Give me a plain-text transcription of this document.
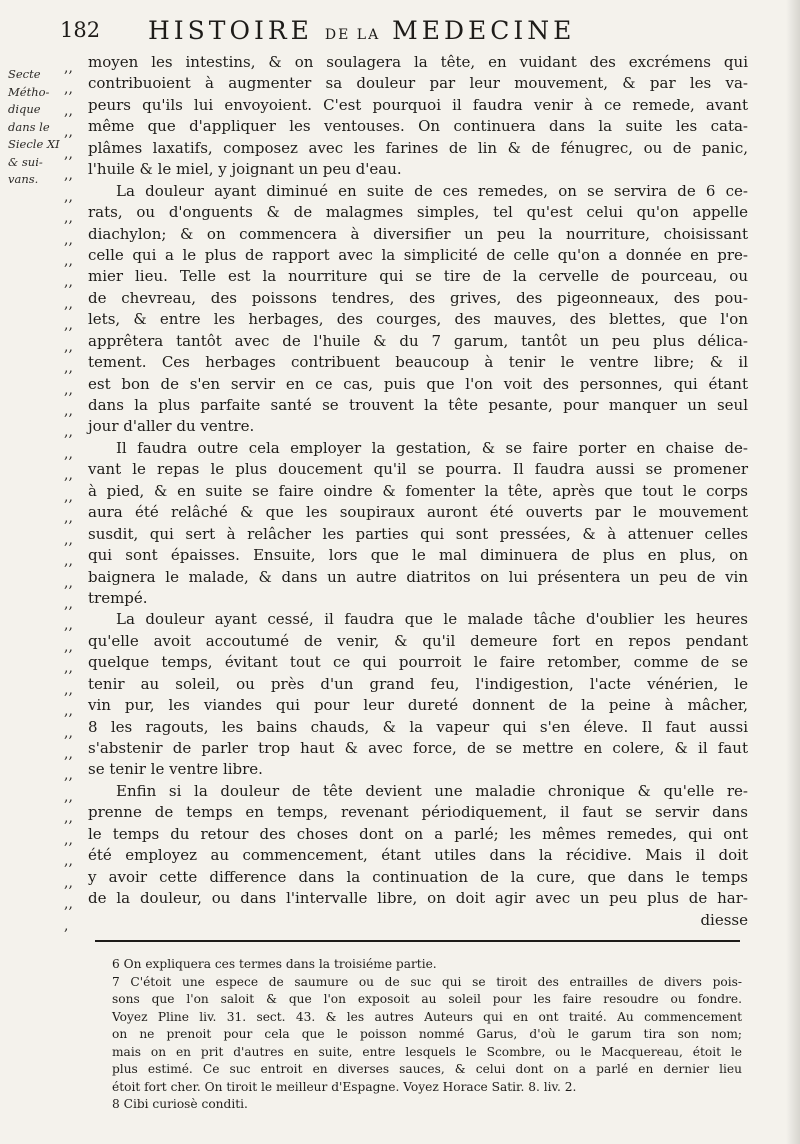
182 HISTOIRE DE LA MEDECINE
Secte
Métho-
dique
dans le
Siecle XI
& sui-
vans.
,,
,,
,,
,,
,,
,,
,,
,,
,,
,,
,,
,,
,,
,,
,,
,,
,,
,,
,,
,,
,,
,,
,,
,,
,,
,,
,,
,,
,,
,,
,,
,,
,,
,,
,,
,,
,,
,,
,,
,,
,
moyen les intestins, & on soulagera la tête, en vuidant des excrémens qui
contribuoient à augmenter sa douleur par leur mouvement, & par les va-
peurs qu'ils lui envoyoient. C'est pourquoi il faudra venir à ce remede, avant
même que d'appliquer les ventouses. On continuera dans la suite les cata-
plâmes laxatifs, composez avec les farines de lin & de fénugrec, ou de panic,
l'huile & le miel, y joignant un peu d'eau.
La douleur ayant diminué en suite de ces remedes, on se servira de 6 ce-
rats, ou d'onguents & de malagmes simples, tel qu'est celui qu'on appelle
diachylon; & on commencera à diversifier un peu la nourriture, choisissant
celle qui a le plus de rapport avec la simplicité de celle qu'on a donnée en pre-
mier lieu. Telle est la nourriture qui se tire de la cervelle de pourceau, ou
de chevreau, des poissons tendres, des grives, des pigeonneaux, des pou-
lets, & entre les herbages, des courges, des mauves, des blettes, que l'on
apprêtera tantôt avec de l'huile & du 7 garum, tantôt un peu plus délica-
tement. Ces herbages contribuent beaucoup à tenir le ventre libre; & il
est bon de s'en servir en ce cas, puis que l'on voit des personnes, qui étant
dans la plus parfaite santé se trouvent la tête pesante, pour manquer un seul
jour d'aller du ventre.
Il faudra outre cela employer la gestation, & se faire porter en chaise de-
vant le repas le plus doucement qu'il se pourra. Il faudra aussi se promener
à pied, & en suite se faire oindre & fomenter la tête, après que tout le corps
aura été relâché & que les soupiraux auront été ouverts par le mouvement
susdit, qui sert à relâcher les parties qui sont pressées, & à attenuer celles
qui sont épaisses. Ensuite, lors que le mal diminuera de plus en plus, on
baignera le malade, & dans un autre diatritos on lui présentera un peu de vin
trempé.
La douleur ayant cessé, il faudra que le malade tâche d'oublier les heures
qu'elle avoit accoutumé de venir, & qu'il demeure fort en repos pendant
quelque temps, évitant tout ce qui pourroit le faire retomber, comme de se
tenir au soleil, ou près d'un grand feu, l'indigestion, l'acte vénérien, le
vin pur, les viandes qui pour leur dureté donnent de la peine à mâcher,
8 les ragouts, les bains chauds, & la vapeur qui s'en éleve. Il faut aussi
s'abstenir de parler trop haut & avec force, de se mettre en colere, & il faut
se tenir le ventre libre.
Enfin si la douleur de tête devient une maladie chronique & qu'elle re-
prenne de temps en temps, revenant périodiquement, il faut se servir dans
le temps du retour des choses dont on a parlé; les mêmes remedes, qui ont
été employez au commencement, étant utiles dans la récidive. Mais il doit
y avoir cette difference dans la continuation de la cure, que dans le temps
de la douleur, ou dans l'intervalle libre, on doit agir avec un peu plus de har-
diesse
6 On expliquera ces termes dans la troisiéme partie.
7 C'étoit une espece de saumure ou de suc qui se tiroit des entrailles de divers pois-
sons que l'on saloit & que l'on exposoit au soleil pour les faire resoudre ou fondre.
Voyez Pline liv. 31. sect. 43. & les autres Auteurs qui en ont traité. Au commencement
on ne prenoit pour cela que le poisson nommé Garus, d'où le garum tira son nom;
mais on en prit d'autres en suite, entre lesquels le Scombre, ou le Macquereau, étoit le
plus estimé. Ce suc entroit en diverses sauces, & celui dont on a parlé en dernier lieu
étoit fort cher. On tiroit le meilleur d'Espagne. Voyez Horace Satir. 8. liv. 2.
8 Cibi curiosè conditi.
